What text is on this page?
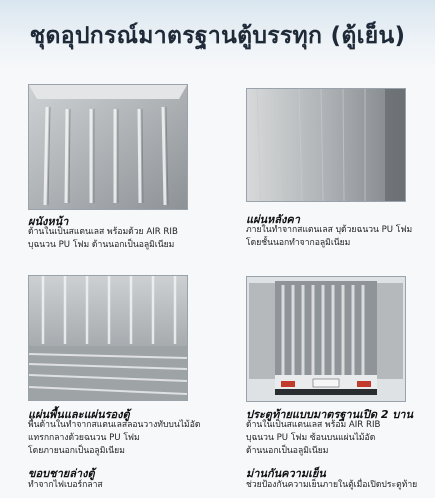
ชุดอุปกรณ์มาตรฐานตู้บรรทุก (ตู้เย็น)
ผนังหน้า
ด้านในเป็นสแตนเลส พร้อมด้วย AIR RIB
บุฉนวน PU โฟม ด้านนอกเป็นอลูมิเนียม
แผ่นหลังคา
ภายในทำจากสแตนเลส บุด้วยฉนวน PU โฟม
โดยชั้นนอกทำจากอลูมิเนียม
แผ่นพื้นและแผ่นรองตู้
พื้นด้านในทำจากสแตนเลสลอนวางทับบนไม้อัด
แทรกกลางด้วยฉนวน PU โฟม
โดยภายนอกเป็นอลูมิเนียม
ประตูท้ายแบบมาตรฐานเปิด 2 บาน
ด้านในเป็นสแตนเลส พร้อม AIR RIB
บุฉนวน PU โฟม ซ้อนบนแผ่นไม้อัด
ด้านนอกเป็นอลูมิเนียม
ขอบชายล่างตู้
ทำจากไฟเบอร์กลาส
ม่านกันความเย็น
ช่วยป้องกันความเย็นภายในตู้เมื่อเปิดประตูท้าย
